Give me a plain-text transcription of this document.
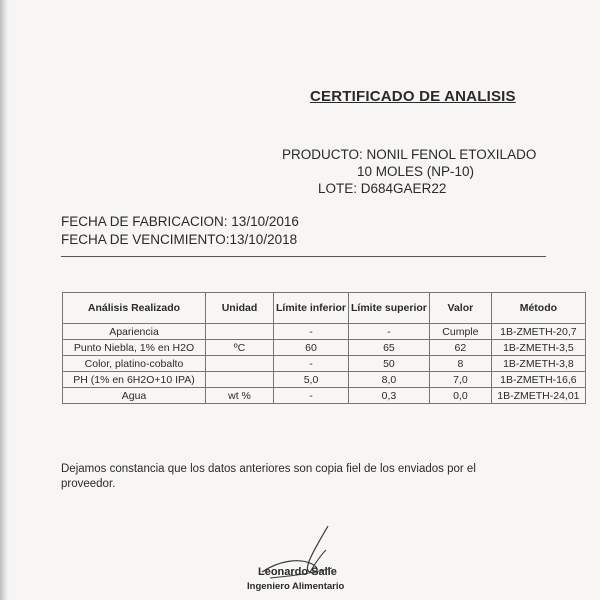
CERTIFICADO DE ANALISIS
PRODUCTO: NONIL FENOL ETOXILADO
10 MOLES (NP-10)
LOTE: D684GAER22
FECHA DE FABRICACION: 13/10/2016
FECHA DE VENCIMIENTO:13/10/2018
Análisis Realizado	Unidad	Límite inferior	Límite superior	Valor	Método
Apariencia		-	-	Cumple	1B-ZMETH-20,7
Punto Niebla, 1% en H2O	ºC	60	65	62	1B-ZMETH-3,5
Color, platino-cobalto		-	50	8	1B-ZMETH-3,8
PH (1% en 6H2O+10 IPA)		5,0	8,0	7,0	1B-ZMETH-16,6
Agua	wt %	-	0,3	0,0	1B-ZMETH-24,01
Dejamos constancia que los datos anteriores son copia fiel de los enviados por el proveedor.
Leonardo Salle
Ingeniero Alimentario
